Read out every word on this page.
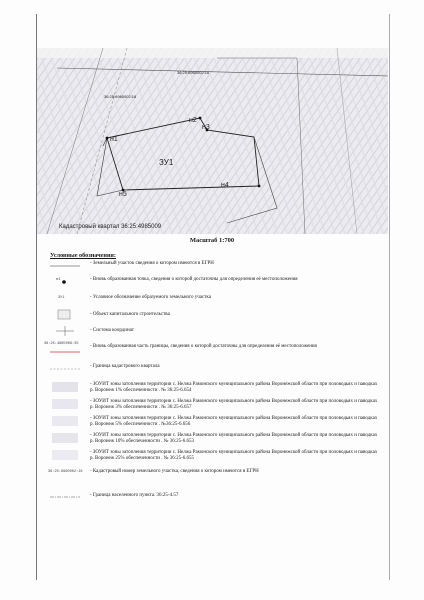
н1
н2
н3
н4
н5
ЗУ1
36:25:6960002:16
36:25:6960002:18
Кадастровый квартал 36:25:4985009
Масштаб 1:700
Условные обозначения:
- Земельный участок сведения о котором имеются в ЕГРН
н1	- Вновь образованная точка, сведения о которой достаточны для определения её местоположения
ЗУ1	- Условное обозначение образуемого земельного участка
- Объект капитального строительства
- Система координат
36:25:4985009:35 - Вновь образованная часть границы, сведения о которой достаточны для определения её местоположения
- Граница кадастрового квартала
- ЗОУИТ зоны затопления территории с. Нелжа Рамонского муниципального района Воронежской области при половодьях и паводках р. Воронеж 1% обеспеченности . № 36:25-6.654
- ЗОУИТ зоны затопления территории с. Нелжа Рамонского муниципального района Воронежской области при половодьях и паводках р. Воронеж 3% обеспеченности . № 36:25-6.657
- ЗОУИТ зоны затопления территории с. Нелжа Рамонского муниципального района Воронежской области при половодьях и паводках р. Воронеж 5% обеспеченности . №36:25-6.656
- ЗОУИТ зоны затопления территории с. Нелжа Рамонского муниципального района Воронежской области при половодьях и паводках р. Воронеж 10% обеспеченности . № 36:25-6.653
- ЗОУИТ зоны затопления территории с. Нелжа Рамонского муниципального района Воронежской области при половодьях и паводках р. Воронеж 25% обеспеченности . № 36:25-6.655
36:25:6960002:16 - Кадастровый номер земельного участка, сведения о котором имеются в ЕГРН
- Граница населенного пункта. 36:25-4.57
